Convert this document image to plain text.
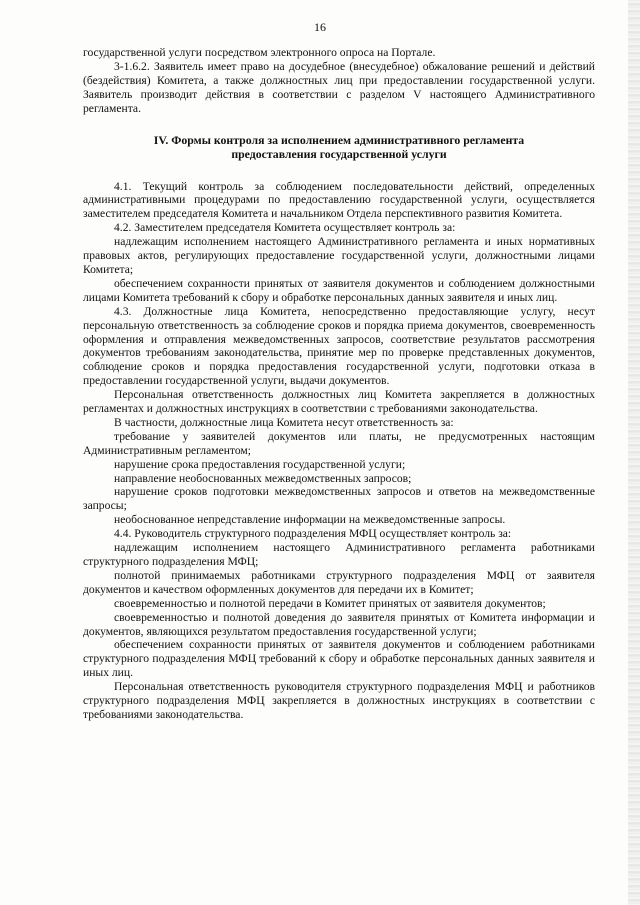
16

государственной услуги посредством электронного опроса на Портале.

3-1.6.2. Заявитель имеет право на досудебное (внесудебное) обжалование решений и действий (бездействия) Комитета, а также должностных лиц при предоставлении государственной услуги. Заявитель производит действия в соответствии с разделом V настоящего Административного регламента.

IV. Формы контроля за исполнением административного регламента
предоставления государственной услуги

4.1. Текущий контроль за соблюдением последовательности действий, определенных административными процедурами по предоставлению государственной услуги, осуществляется заместителем председателя Комитета и начальником Отдела перспективного развития Комитета.

4.2. Заместителем председателя Комитета осуществляет контроль за:

надлежащим исполнением настоящего Административного регламента и иных нормативных правовых актов, регулирующих предоставление государственной услуги, должностными лицами Комитета;

обеспечением сохранности принятых от заявителя документов и соблюдением должностными лицами Комитета требований к сбору и обработке персональных данных заявителя и иных лиц.

4.3. Должностные лица Комитета, непосредственно предоставляющие услугу, несут персональную ответственность за соблюдение сроков и порядка приема документов, своевременность оформления и отправления межведомственных запросов, соответствие результатов рассмотрения документов требованиям законодательства, принятие мер по проверке представленных документов, соблюдение сроков и порядка предоставления государственной услуги, подготовки отказа в предоставлении государственной услуги, выдачи документов.

Персональная ответственность должностных лиц Комитета закрепляется в должностных регламентах и должностных инструкциях в соответствии с требованиями законодательства.

В частности, должностные лица Комитета несут ответственность за:

требование у заявителей документов или платы, не предусмотренных настоящим Административным регламентом;

нарушение срока предоставления государственной услуги;

направление необоснованных межведомственных запросов;

нарушение сроков подготовки межведомственных запросов и ответов на межведомственные запросы;

необоснованное непредставление информации на межведомственные запросы.

4.4. Руководитель структурного подразделения МФЦ осуществляет контроль за:

надлежащим исполнением настоящего Административного регламента работниками структурного подразделения МФЦ;

полнотой принимаемых работниками структурного подразделения МФЦ от заявителя документов и качеством оформленных документов для передачи их в Комитет;

своевременностью и полнотой передачи в Комитет принятых от заявителя документов;

своевременностью и полнотой доведения до заявителя принятых от Комитета информации и документов, являющихся результатом предоставления государственной услуги;

обеспечением сохранности принятых от заявителя документов и соблюдением работниками структурного подразделения МФЦ требований к сбору и обработке персональных данных заявителя и иных лиц.

Персональная ответственность руководителя структурного подразделения МФЦ и работников структурного подразделения МФЦ закрепляется в должностных инструкциях в соответствии с требованиями законодательства.
